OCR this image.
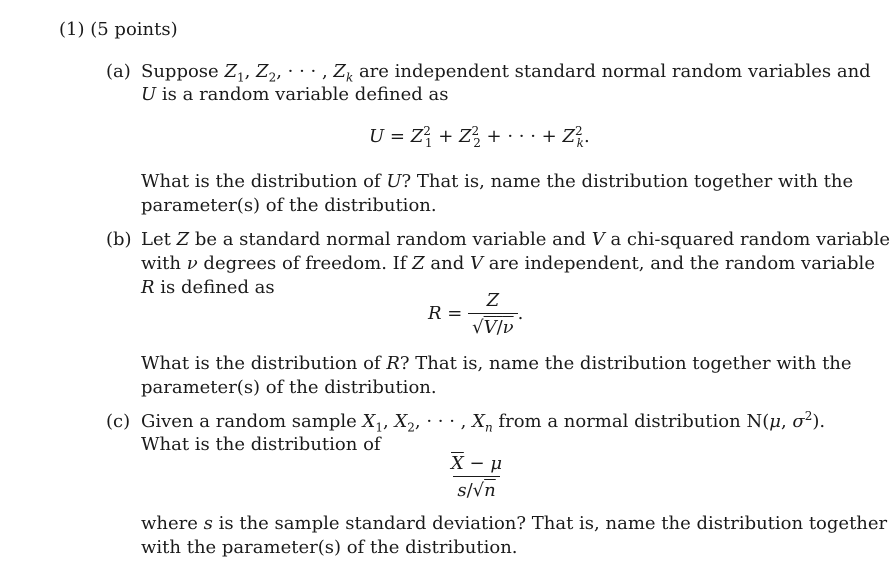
(1) (5 points)
(a) Suppose $Z_1$, $Z_2$, · · · , $Z_k$ are independent standard normal random variables and
U is a random variable defined as
$U = Z^2_1 + Z^2_2$ + · · · + $Z^2_k$.
What is the distribution of U? That is, name the distribution together with the
parameter(s) of the distribution.
(b) Let Z be a standard normal random variable and V a chi-squared random variable
with ν degrees of freedom. If Z and V are independent, and the random variable
R is defined as
$R = \frac{Z}{√V/\nu}$ .
What is the distribution of R? That is, name the distribution together with the
parameter(s) of the distribution.
(c) Given a random sample $X_1$, $X_2$, · · · , $X_n$ from a normal distribution N(μ, $\sigma^2$).
What is the distribution of
$\frac{\overline{X} - \mu}{s/√n}$
where s is the sample standard deviation? That is, name the distribution together
with the parameter(s) of the distribution.
